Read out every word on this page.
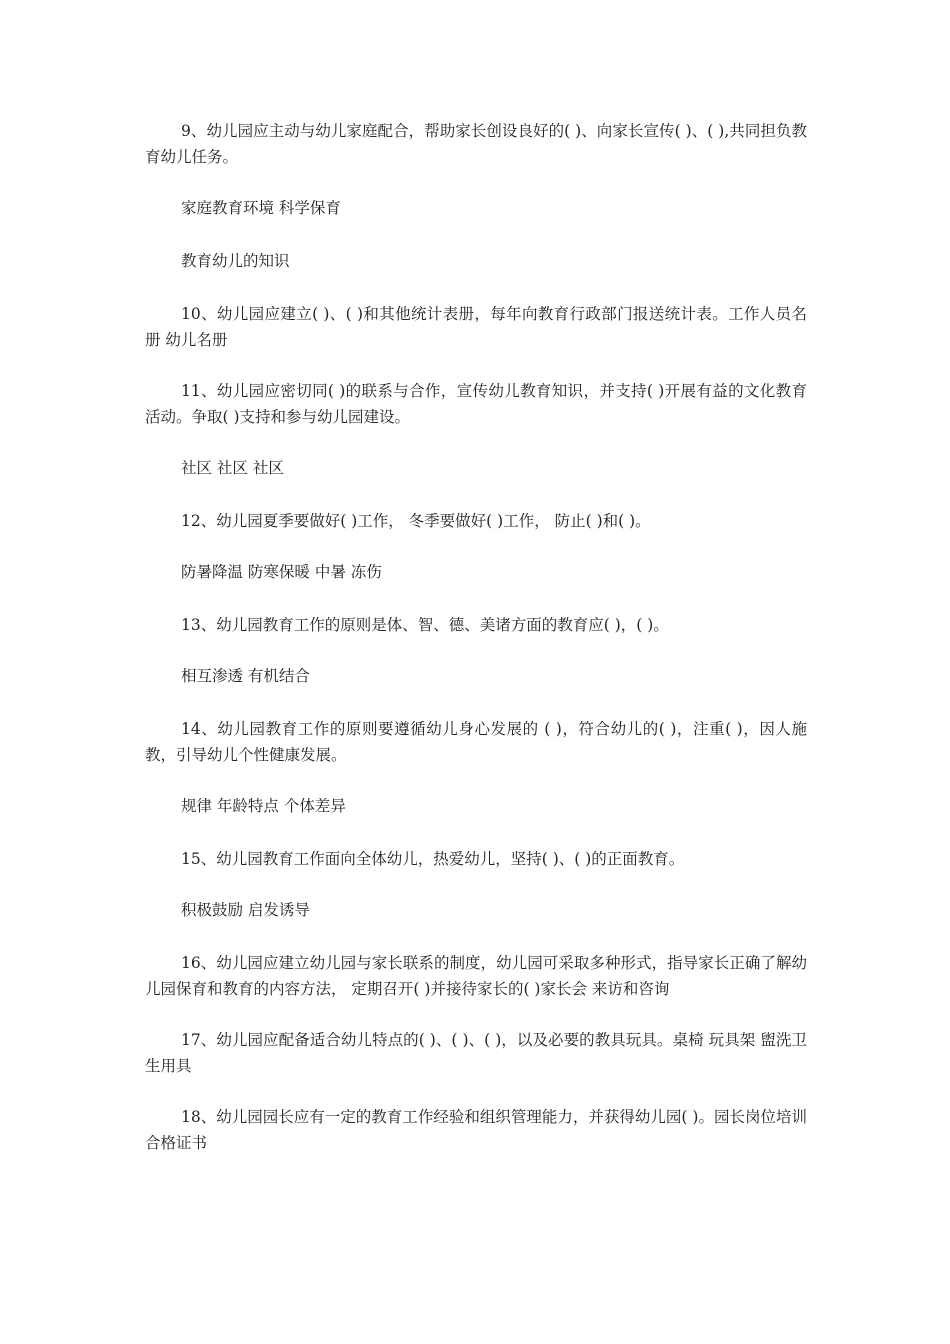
9、幼儿园应主动与幼儿家庭配合，帮助家长创设良好的( )、向家长宣传( )、( ),共同担负教育幼儿任务。

家庭教育环境 科学保育

教育幼儿的知识

10、幼儿园应建立( )、( )和其他统计表册，每年向教育行政部门报送统计表。工作人员名册 幼儿名册

11、幼儿园应密切同( )的联系与合作，宣传幼儿教育知识，并支持( )开展有益的文化教育活动。争取( )支持和参与幼儿园建设。

社区 社区 社区

12、幼儿园夏季要做好( )工作， 冬季要做好( )工作， 防止( )和( )。

防暑降温 防寒保暖 中暑 冻伤

13、幼儿园教育工作的原则是体、智、德、美诸方面的教育应( )，( )。

相互渗透 有机结合

14、幼儿园教育工作的原则要遵循幼儿身心发展的 ( )，符合幼儿的( )，注重( )，因人施教，引导幼儿个性健康发展。

规律 年龄特点 个体差异

15、幼儿园教育工作面向全体幼儿，热爱幼儿，坚持( )、( )的正面教育。

积极鼓励 启发诱导

16、幼儿园应建立幼儿园与家长联系的制度，幼儿园可采取多种形式，指导家长正确了解幼儿园保育和教育的内容方法， 定期召开( )并接待家长的( )家长会 来访和咨询

17、幼儿园应配备适合幼儿特点的( )、( )、( )，以及必要的教具玩具。桌椅 玩具架 盥洗卫生用具

18、幼儿园园长应有一定的教育工作经验和组织管理能力，并获得幼儿园( )。园长岗位培训合格证书
